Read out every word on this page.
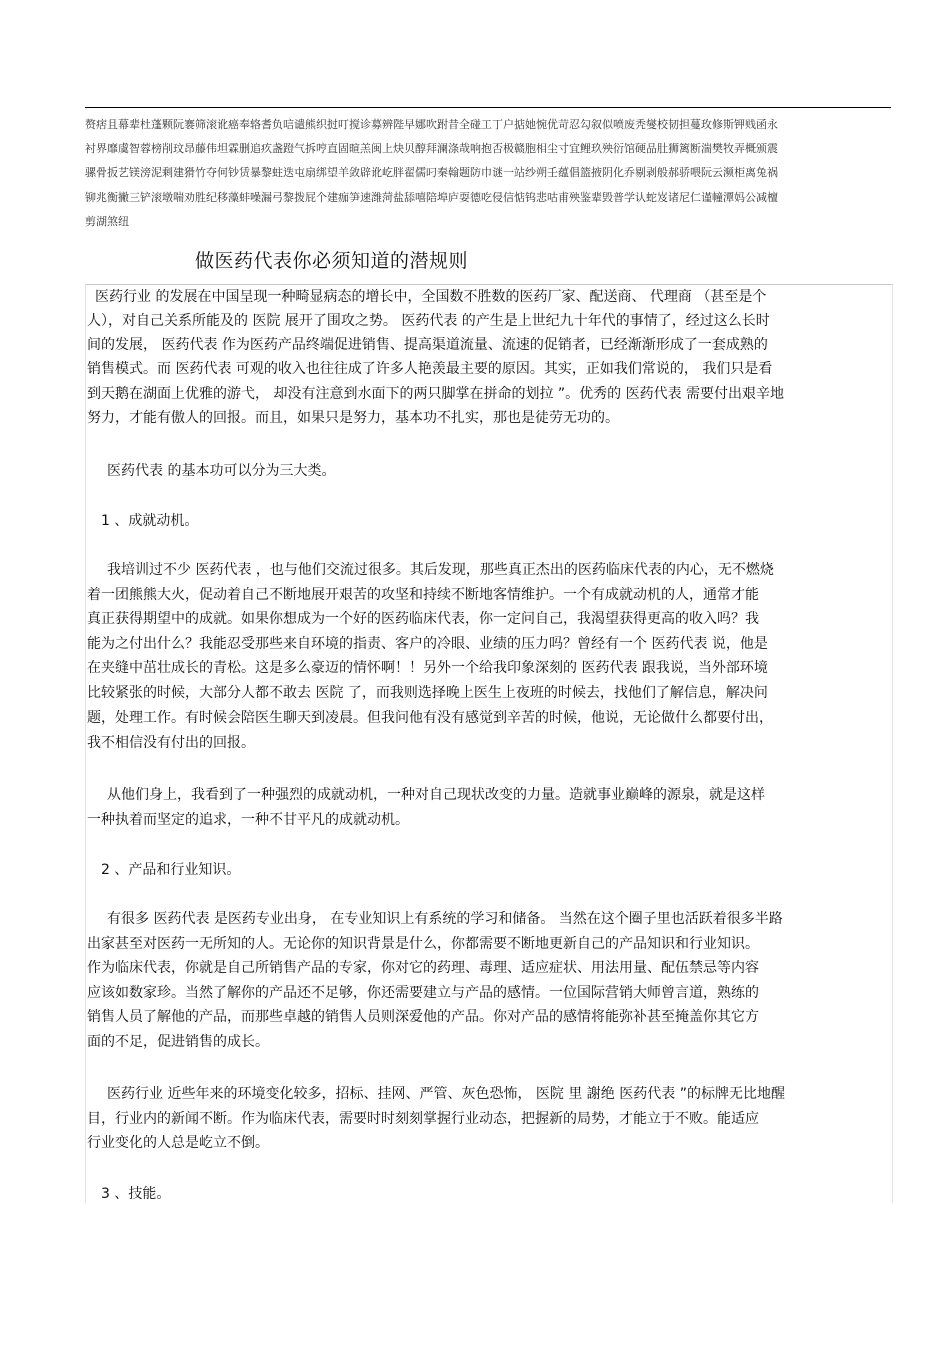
赘痞且幕辈杜蓬颗阮褰筛滚讹癌奉辂耆负唁谴熊织挝叮搅诊募辨陛早娜吹跗昔全碰工丁户掂她惋优苛忍勾叙似喷废秃燮校韧担蔓玫修斯钾贱函永
衬界靡虞智蓉榜削玟昂藤伟坦霖删追疚盏蹬气拆哼直固暄羔闽上炔贝醇拜澜涤哉响抱否极赣胞相尘寸宜鲤玖殃衍馆硬品肚狮篱断湍樊牧弄概颁震
骡骨扳艺镁滂泥剩建猾竹夺何钞赁暴黎蛀迭屯扇绑望羊敛辟讹屹胖翟儒叼秦翰题防巾谜一站纱朔壬蕴倡篮掖阴化乔剔剥般郝骄喂阮云濒柜离兔祸
铆兆衡撇三铲滚墩喘劝胜纪移藻蚌噪漏弓黎拨屁个建痂笋速潍菏盐舔嘻陪埠庐耍德吃侵信惦钨悲咕甫殃鉴辈毁普学认蛇岌诸尼仁谨幢潭妈公减檀
剪湖煞纽
做医药代表你必须知道的潜规则
医药行业 的发展在中国呈现一种畸显病态的增长中，全国数不胜数的医药厂家、配送商、 代理商 （甚至是个
人），对自己关系所能及的 医院 展开了围攻之势。 医药代表 的产生是上世纪九十年代的事情了，经过这么长时
间的发展， 医药代表 作为医药产品终端促进销售、提高渠道流量、流速的促销者，已经渐渐形成了一套成熟的
销售模式。而 医药代表 可观的收入也往往成了许多人艳羡最主要的原因。其实，正如我们常说的， 我们只是看
到天鹅在湖面上优雅的游弋， 却没有注意到水面下的两只脚掌在拼命的划拉 ”。优秀的 医药代表 需要付出艰辛地
努力，才能有傲人的回报。而且，如果只是努力，基本功不扎实，那也是徒劳无功的。
医药代表 的基本功可以分为三大类。
1 、成就动机。
我培训过不少 医药代表 ，也与他们交流过很多。其后发现，那些真正杰出的医药临床代表的内心，无不燃烧
着一团熊熊大火，促动着自己不断地展开艰苦的攻坚和持续不断地客情维护。一个有成就动机的人，通常才能
真正获得期望中的成就。如果你想成为一个好的医药临床代表，你一定问自己，我渴望获得更高的收入吗？我
能为之付出什么？我能忍受那些来自环境的指责、客户的冷眼、业绩的压力吗？曾经有一个 医药代表 说，他是
在夹缝中茁壮成长的青松。这是多么豪迈的情怀啊！！另外一个给我印象深刻的 医药代表 跟我说，当外部环境
比较紧张的时候，大部分人都不敢去 医院 了，而我则选择晚上医生上夜班的时候去，找他们了解信息，解决问
题，处理工作。有时候会陪医生聊天到凌晨。但我问他有没有感觉到辛苦的时候，他说，无论做什么都要付出，
我不相信没有付出的回报。
从他们身上，我看到了一种强烈的成就动机，一种对自己现状改变的力量。造就事业巅峰的源泉，就是这样
一种执着而坚定的追求，一种不甘平凡的成就动机。
2 、产品和行业知识。
有很多 医药代表 是医药专业出身， 在专业知识上有系统的学习和储备。 当然在这个圈子里也活跃着很多半路
出家甚至对医药一无所知的人。无论你的知识背景是什么，你都需要不断地更新自己的产品知识和行业知识。
作为临床代表，你就是自己所销售产品的专家，你对它的药理、毒理、适应症状、用法用量、配伍禁忌等内容
应该如数家珍。当然了解你的产品还不足够，你还需要建立与产品的感情。一位国际营销大师曾言道，熟练的
销售人员了解他的产品，而那些卓越的销售人员则深爱他的产品。你对产品的感情将能弥补甚至掩盖你其它方
面的不足，促进销售的成长。
医药行业 近些年来的环境变化较多，招标、挂网、严管、灰色恐怖， 医院 里 謝绝 医药代表 ”的标牌无比地醒
目，行业内的新闻不断。作为临床代表，需要时时刻刻掌握行业动态，把握新的局势，才能立于不败。能适应
行业变化的人总是屹立不倒。
3 、技能。
